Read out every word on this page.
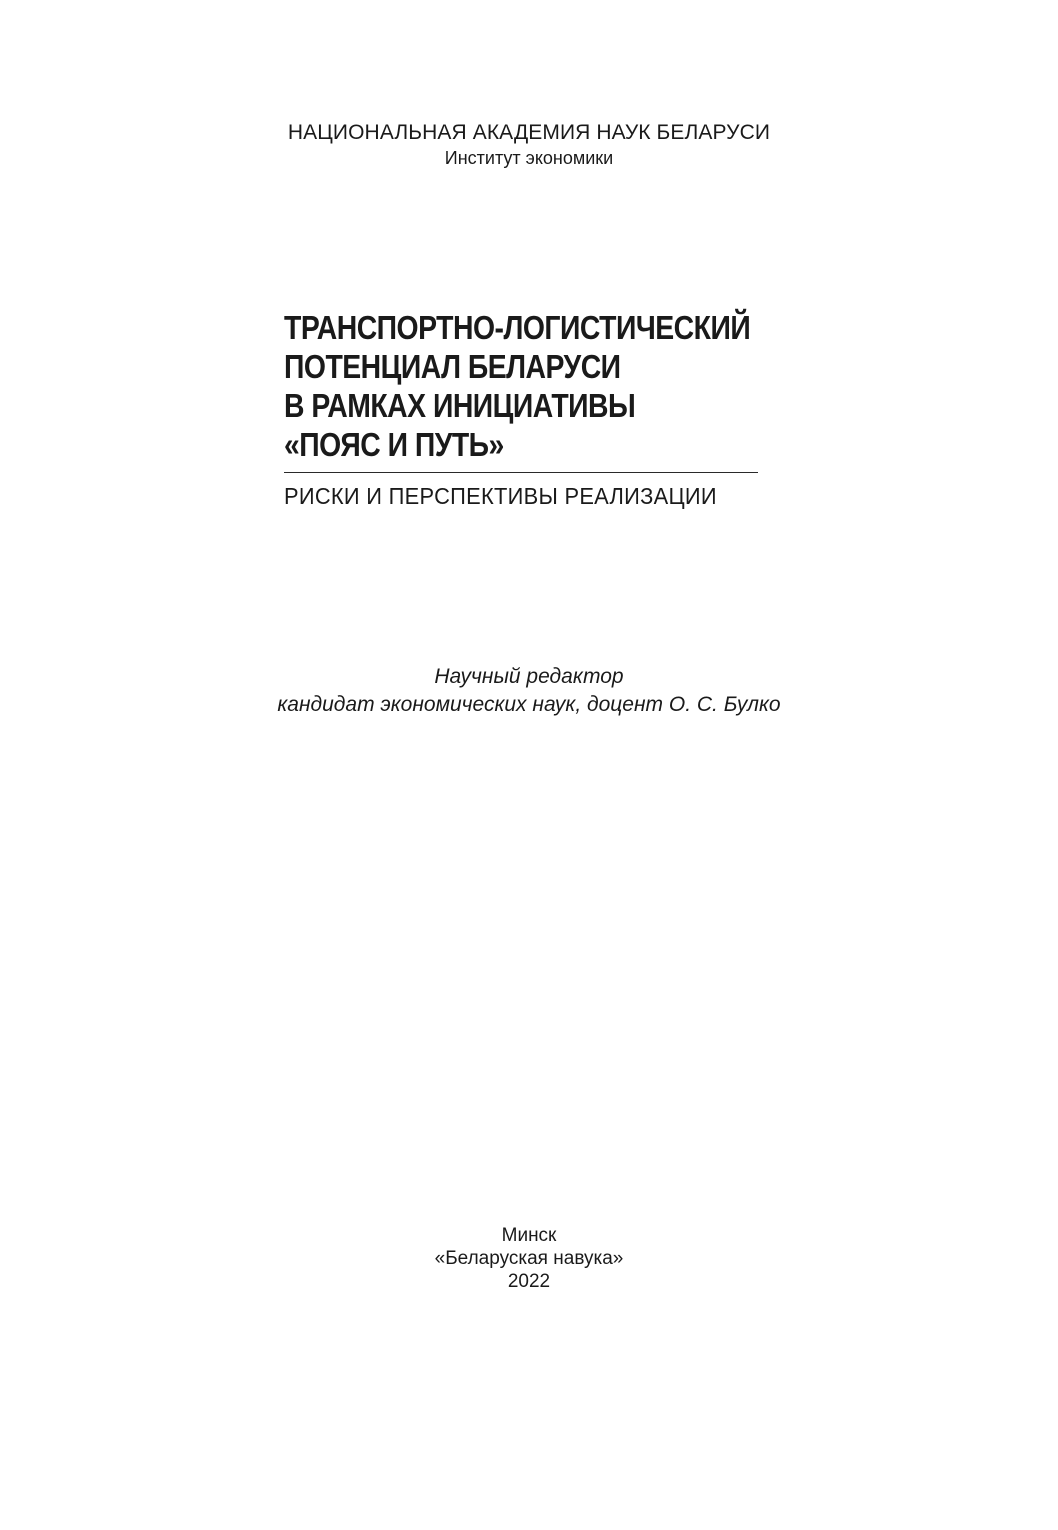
НАЦИОНАЛЬНАЯ АКАДЕМИЯ НАУК БЕЛАРУСИ
Институт экономики
ТРАНСПОРТНО-ЛОГИСТИЧЕСКИЙ
ПОТЕНЦИАЛ БЕЛАРУСИ
В РАМКАХ ИНИЦИАТИВЫ
«ПОЯС И ПУТЬ»
РИСКИ И ПЕРСПЕКТИВЫ РЕАЛИЗАЦИИ
Научный редактор
кандидат экономических наук, доцент О. С. Булко
Минск
«Беларуская навука»
2022
